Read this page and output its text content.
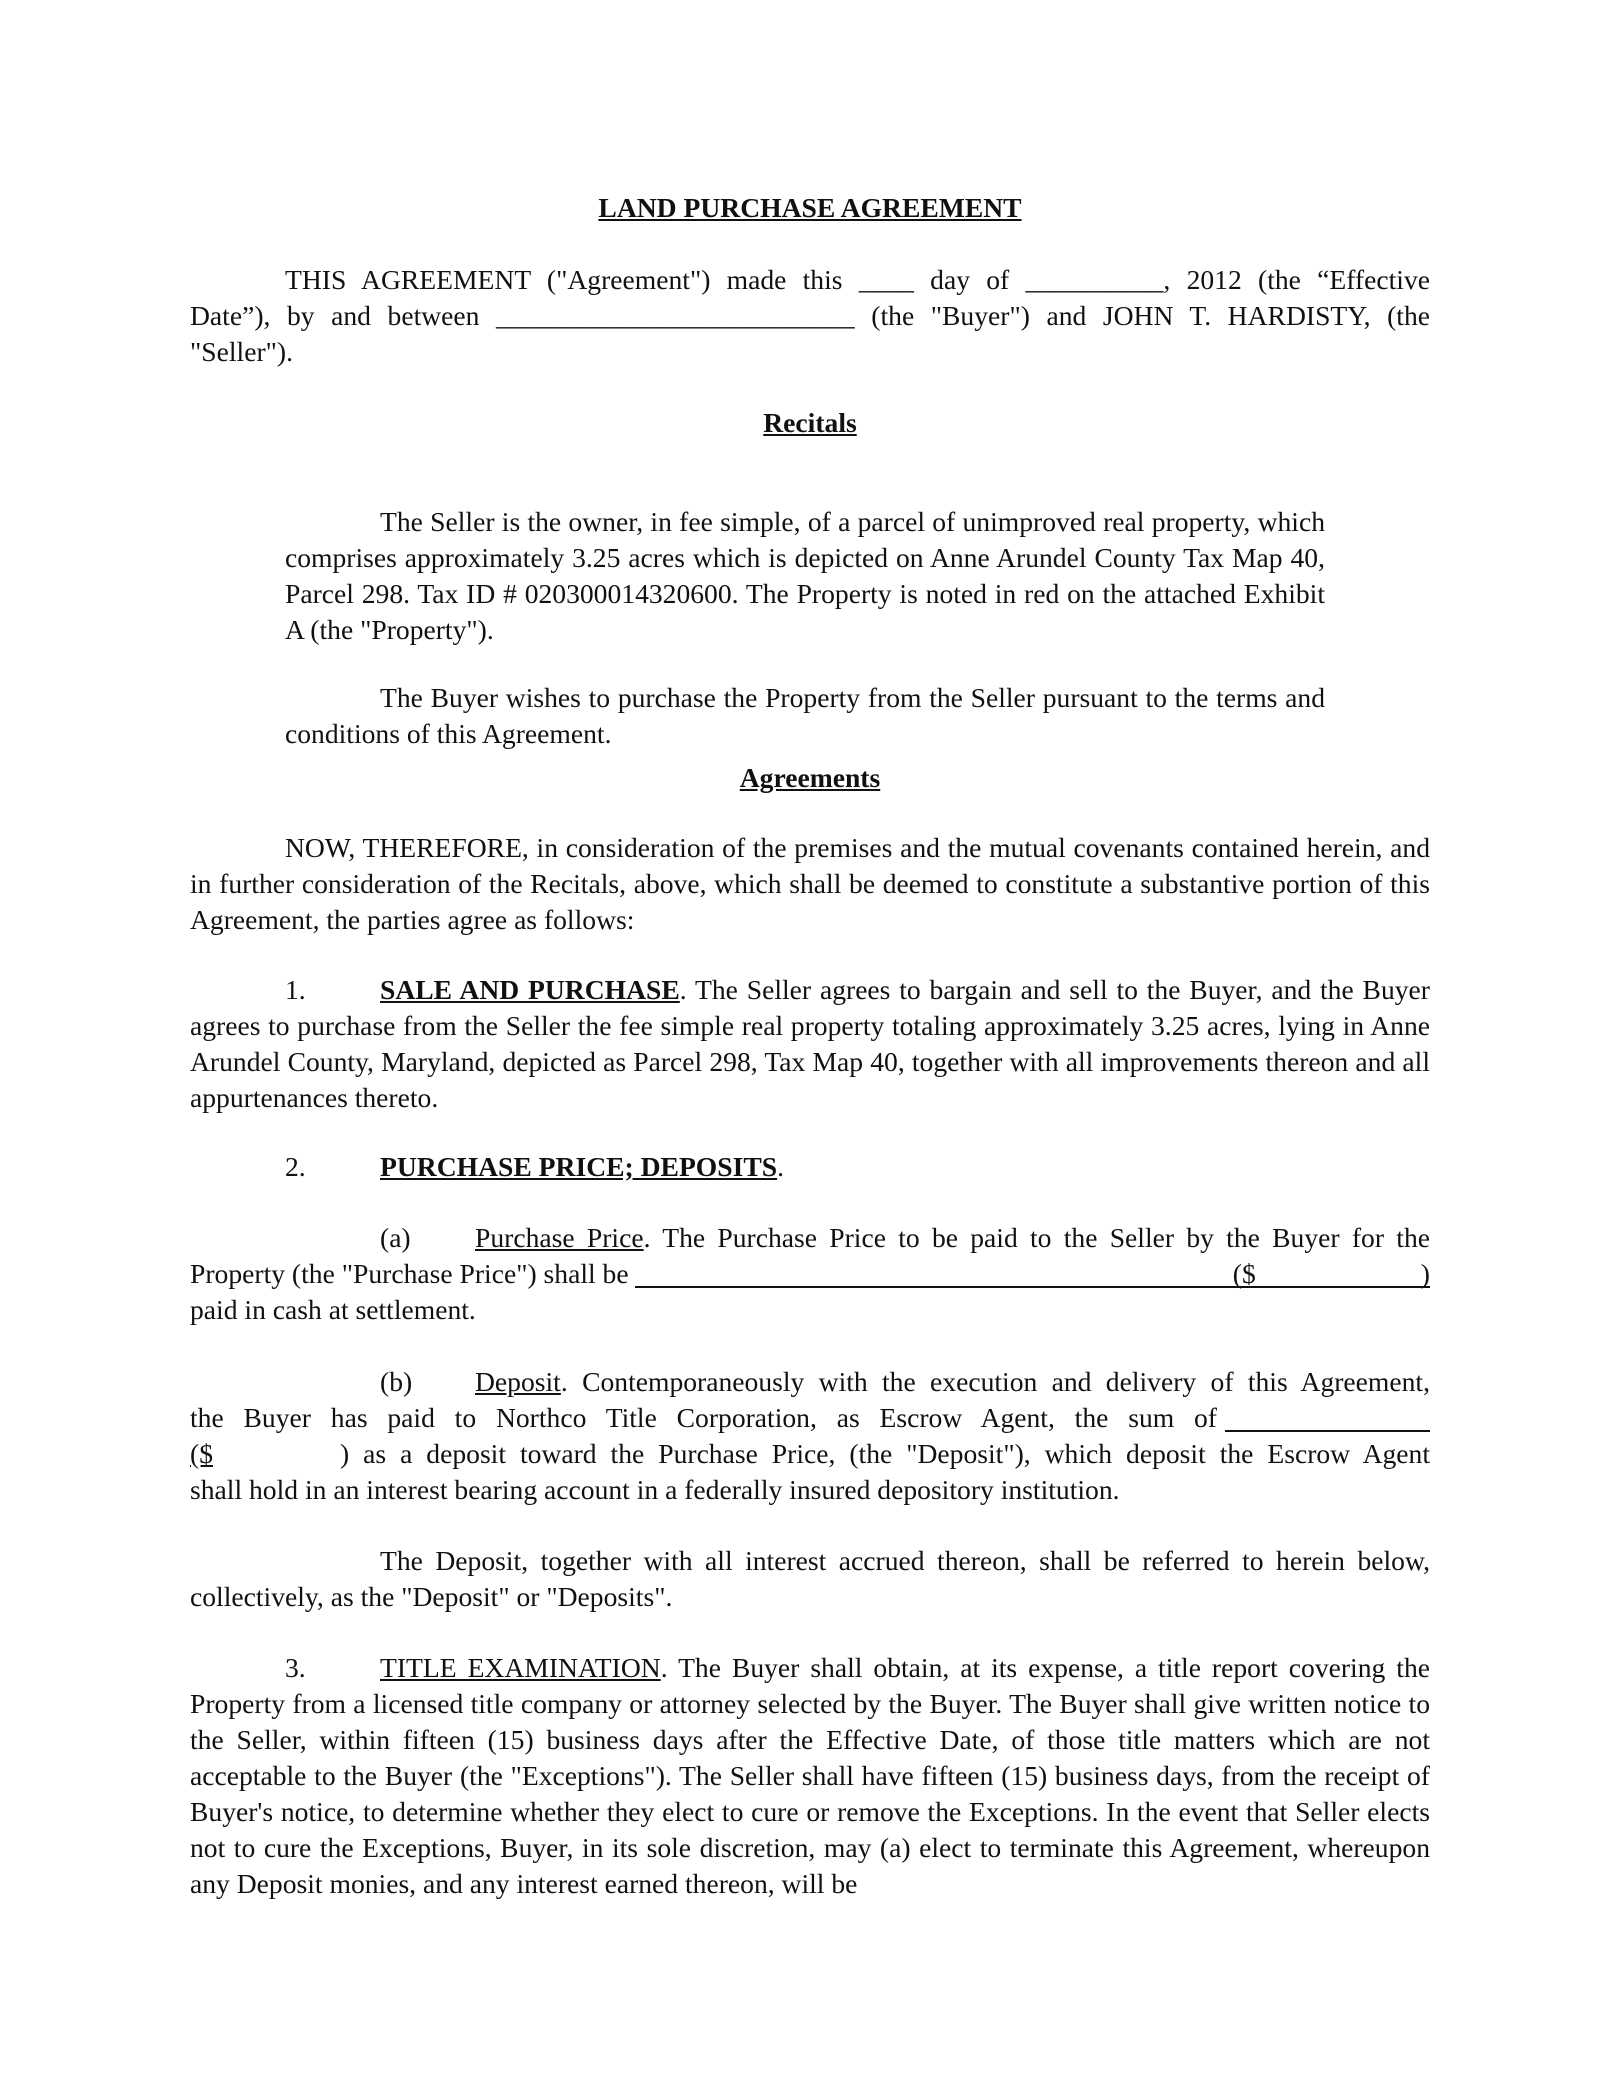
LAND PURCHASE AGREEMENT
THIS AGREEMENT ("Agreement") made this ____ day of __________, 2012 (the “Effective
Date”), by and between __________________________ (the "Buyer") and JOHN T. HARDISTY, (the
"Seller").
Recitals

The Seller is the owner, in fee simple, of a parcel of unimproved real property, which comprises approximately 3.25 acres which is depicted on Anne Arundel County Tax Map 40, Parcel 298. Tax ID # 020300014320600. The Property is noted in red on the attached Exhibit A (the "Property").

The Buyer wishes to purchase the Property from the Seller pursuant to the terms and conditions of this Agreement.

Agreements

NOW, THEREFORE, in consideration of the premises and the mutual covenants contained herein, and in further consideration of the Recitals, above, which shall be deemed to constitute a substantive portion of this Agreement, the parties agree as follows:

1.	SALE AND PURCHASE. The Seller agrees to bargain and sell to the Buyer, and the Buyer agrees to purchase from the Seller the fee simple real property totaling approximately 3.25 acres, lying in Anne Arundel County, Maryland, depicted as Parcel 298, Tax Map 40, together with all improvements thereon and all appurtenances thereto.

2.	PURCHASE PRICE; DEPOSITS.

(a) Purchase Price. The Purchase Price to be paid to the Seller by the Buyer for the
Property (the "Purchase Price") shall be	($	)
paid in cash at settlement.
(b) Deposit. Contemporaneously with the execution and delivery of this Agreement,
the Buyer has paid to Northco Title Corporation, as Escrow Agent, the sum of
($	) as a deposit toward the Purchase Price, (the "Deposit"), which deposit the Escrow Agent
shall hold in an interest bearing account in a federally insured depository institution.

The Deposit, together with all interest accrued thereon, shall be referred to herein below, collectively, as the "Deposit" or "Deposits".

3.	TITLE EXAMINATION. The Buyer shall obtain, at its expense, a title report covering the Property from a licensed title company or attorney selected by the Buyer. The Buyer shall give written notice to the Seller, within fifteen (15) business days after the Effective Date, of those title matters which are not acceptable to the Buyer (the "Exceptions"). The Seller shall have fifteen (15) business days, from the receipt of Buyer's notice, to determine whether they elect to cure or remove the Exceptions. In the event that Seller elects not to cure the Exceptions, Buyer, in its sole discretion, may (a) elect to terminate this Agreement, whereupon any Deposit monies, and any interest earned thereon, will be
